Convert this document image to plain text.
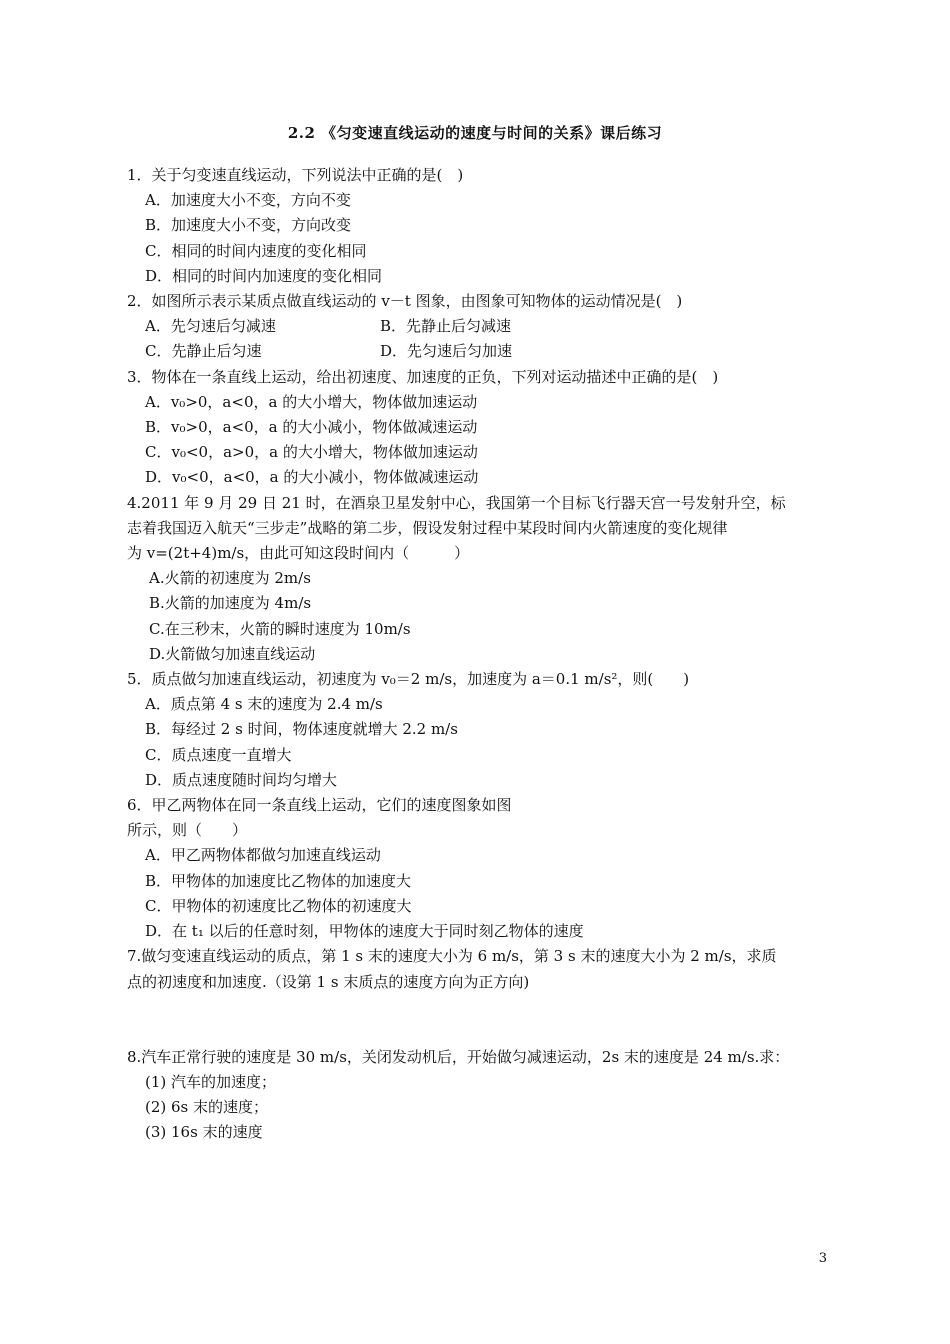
2.2 《匀变速直线运动的速度与时间的关系》课后练习

1．关于匀变速直线运动，下列说法中正确的是(　)

A．加速度大小不变，方向不变

B．加速度大小不变，方向改变

C．相同的时间内速度的变化相同

D．相同的时间内加速度的变化相同

2．如图所示表示某质点做直线运动的 v－t 图象，由图象可知物体的运动情况是(　)

A．先匀速后匀减速	B．先静止后匀减速
C．先静止后匀速	D．先匀速后匀加速

3．物体在一条直线上运动，给出初速度、加速度的正负，下列对运动描述中正确的是(　)

A．v₀>0，a<0，a 的大小增大，物体做加速运动

B．v₀>0，a<0，a 的大小减小，物体做减速运动

C．v₀<0，a>0，a 的大小增大，物体做加速运动

D．v₀<0，a<0，a 的大小减小，物体做减速运动

4.2011 年 9 月 29 日 21 时，在酒泉卫星发射中心，我国第一个目标飞行器天宫一号发射升空，标

志着我国迈入航天“三步走”战略的第二步，假设发射过程中某段时间内火箭速度的变化规律

为 v=(2t+4)m/s，由此可知这段时间内（　　　）

A.火箭的初速度为 2m/s

B.火箭的加速度为 4m/s

C.在三秒末，火箭的瞬时速度为 10m/s

D.火箭做匀加速直线运动

5．质点做匀加速直线运动，初速度为 v₀＝2 m/s，加速度为 a＝0.1 m/s²，则(　　)

A．质点第 4 s 末的速度为 2.4 m/s

B．每经过 2 s 时间，物体速度就增大 2.2 m/s

C．质点速度一直增大

D．质点速度随时间均匀增大

6．甲乙两物体在同一条直线上运动，它们的速度图象如图

所示，则（　　）

A．甲乙两物体都做匀加速直线运动

B．甲物体的加速度比乙物体的加速度大

C．甲物体的初速度比乙物体的初速度大

D．在 t₁ 以后的任意时刻，甲物体的速度大于同时刻乙物体的速度

7.做匀变速直线运动的质点，第 1 s 末的速度大小为 6 m/s，第 3 s 末的速度大小为 2 m/s，求质

点的初速度和加速度.（设第 1 s 末质点的速度方向为正方向)

8.汽车正常行驶的速度是 30 m/s，关闭发动机后，开始做匀减速运动，2s 末的速度是 24 m/s.求：

(1) 汽车的加速度；

(2) 6s 末的速度；

(3) 16s 末的速度

3
